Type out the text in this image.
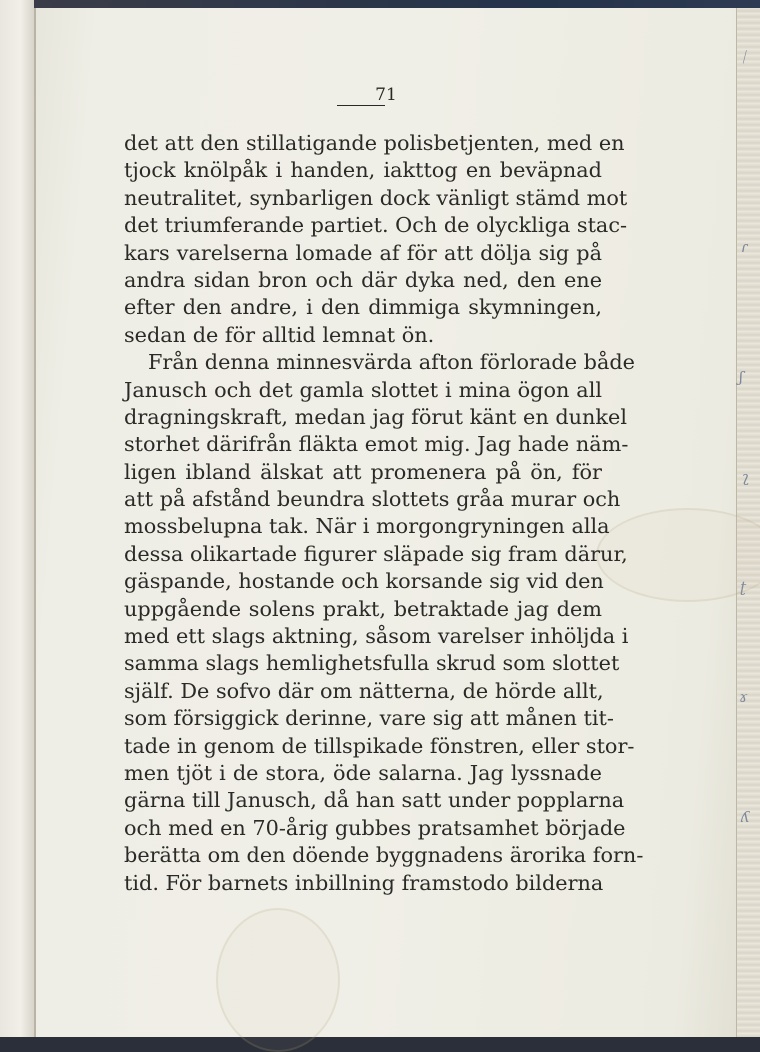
ᛁ
ɾ
ʃ
ʅ
ʈ
ɤ
ʎ
71
det att den stillatigande polisbetjenten, med en
tjock knölpåk i handen, iakttog en beväpnad
neutralitet, synbarligen dock vänligt stämd mot
det triumferande partiet. Och de olyckliga stac-
kars varelserna lomade af för att dölja sig på
andra sidan bron och där dyka ned, den ene
efter den andre, i den dimmiga skymningen,
sedan de för alltid lemnat ön.
Från denna minnesvärda afton förlorade både
Janusch och det gamla slottet i mina ögon all
dragningskraft, medan jag förut känt en dunkel
storhet därifrån fläkta emot mig. Jag hade näm-
ligen ibland älskat att promenera på ön, för
att på afstånd beundra slottets gråa murar och
mossbelupna tak. När i morgongryningen alla
dessa olikartade figurer släpade sig fram därur,
gäspande, hostande och korsande sig vid den
uppgående solens prakt, betraktade jag dem
med ett slags aktning, såsom varelser inhöljda i
samma slags hemlighetsfulla skrud som slottet
själf. De sofvo där om nätterna, de hörde allt,
som försiggick derinne, vare sig att månen tit-
tade in genom de tillspikade fönstren, eller stor-
men tjöt i de stora, öde salarna. Jag lyssnade
gärna till Janusch, då han satt under popplarna
och med en 70-årig gubbes pratsamhet började
berätta om den döende byggnadens ärorika forn-
tid. För barnets inbillning framstodo bilderna
